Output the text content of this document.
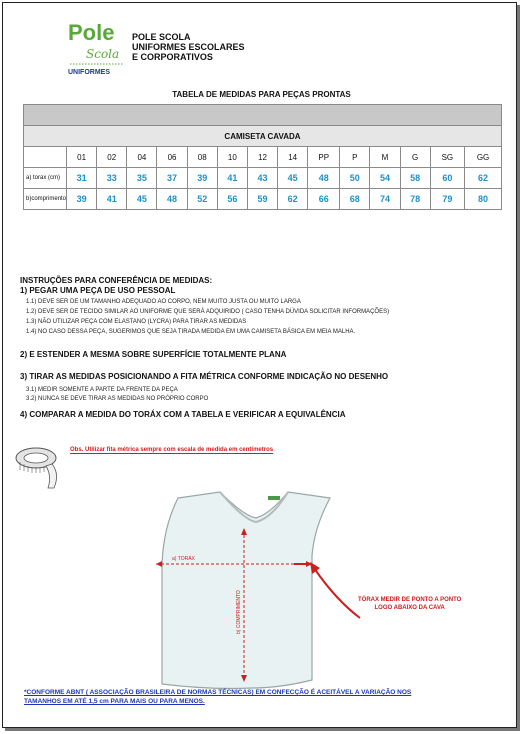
Pole
Scola
UNIFORMES
POLE SCOLA
UNIFORMES ESCOLARES
E CORPORATIVOS
TABELA DE MEDIDAS PARA PEÇAS PRONTAS

CAMISETA CAVADA														
	01	02	04	06	08	10	12	14	PP	P	M	G	SG	GG
a) torax (cm)	31	33	35	37	39	41	43	45	48	50	54	58	60	62
b)comprimento	39	41	45	48	52	56	59	62	66	68	74	78	79	80
INSTRUÇÕES PARA CONFERÊNCIA DE MEDIDAS:
1) PEGAR UMA PEÇA DE USO PESSOAL
1.1) DEVE SER DE UM TAMANHO ADEQUADO AO CORPO, NEM MUITO JUSTA OU MUITO LARGA
1.2) DEVE SER DE TECIDO SIMILAR AO UNIFORME QUE SERÁ ADQUIRIDO ( CASO TENHA DÚVIDA SOLICITAR INFORMAÇÕES)
1.3) NÃO UTILIZAR PEÇA COM ELASTANO (LYCRA) PARA TIRAR AS MEDIDAS
1.4) NO CASO DESSA PEÇA, SUGERIMOS QUE SEJA TIRADA MEDIDA EM UMA CAMISETA BÁSICA EM MEIA MALHA.
2) E ESTENDER A MESMA SOBRE SUPERFÍCIE TOTALMENTE PLANA
3) TIRAR AS MEDIDAS POSICIONANDO A FITA MÉTRICA CONFORME INDICAÇÃO NO DESENHO
3.1) MEDIR SOMENTE A PARTE DA FRENTE DA PEÇA
3.2) NUNCA SE DEVE TIRAR AS MEDIDAS NO PRÓPRIO CORPO
4) COMPARAR A MEDIDA DO TORÁX COM A TABELA E VERIFICAR A EQUIVALÊNCIA
Obs. Utilizar fita métrica sempre com escala de medida em centímetros
a) TORÁX
b) COMPRIMENTO	TÓRAX MEDIR DE PONTO A PONTO
LOGO ABAIXO DA CAVA
*CONFORME ABNT ( ASSOCIAÇÃO BRASILEIRA DE NORMAS TÉCNICAS) EM CONFECÇÃO É ACEITÁVEL A VARIAÇÃO NOS
TAMANHOS EM ATÉ 1,5 cm PARA MAIS OU PARA MENOS.
